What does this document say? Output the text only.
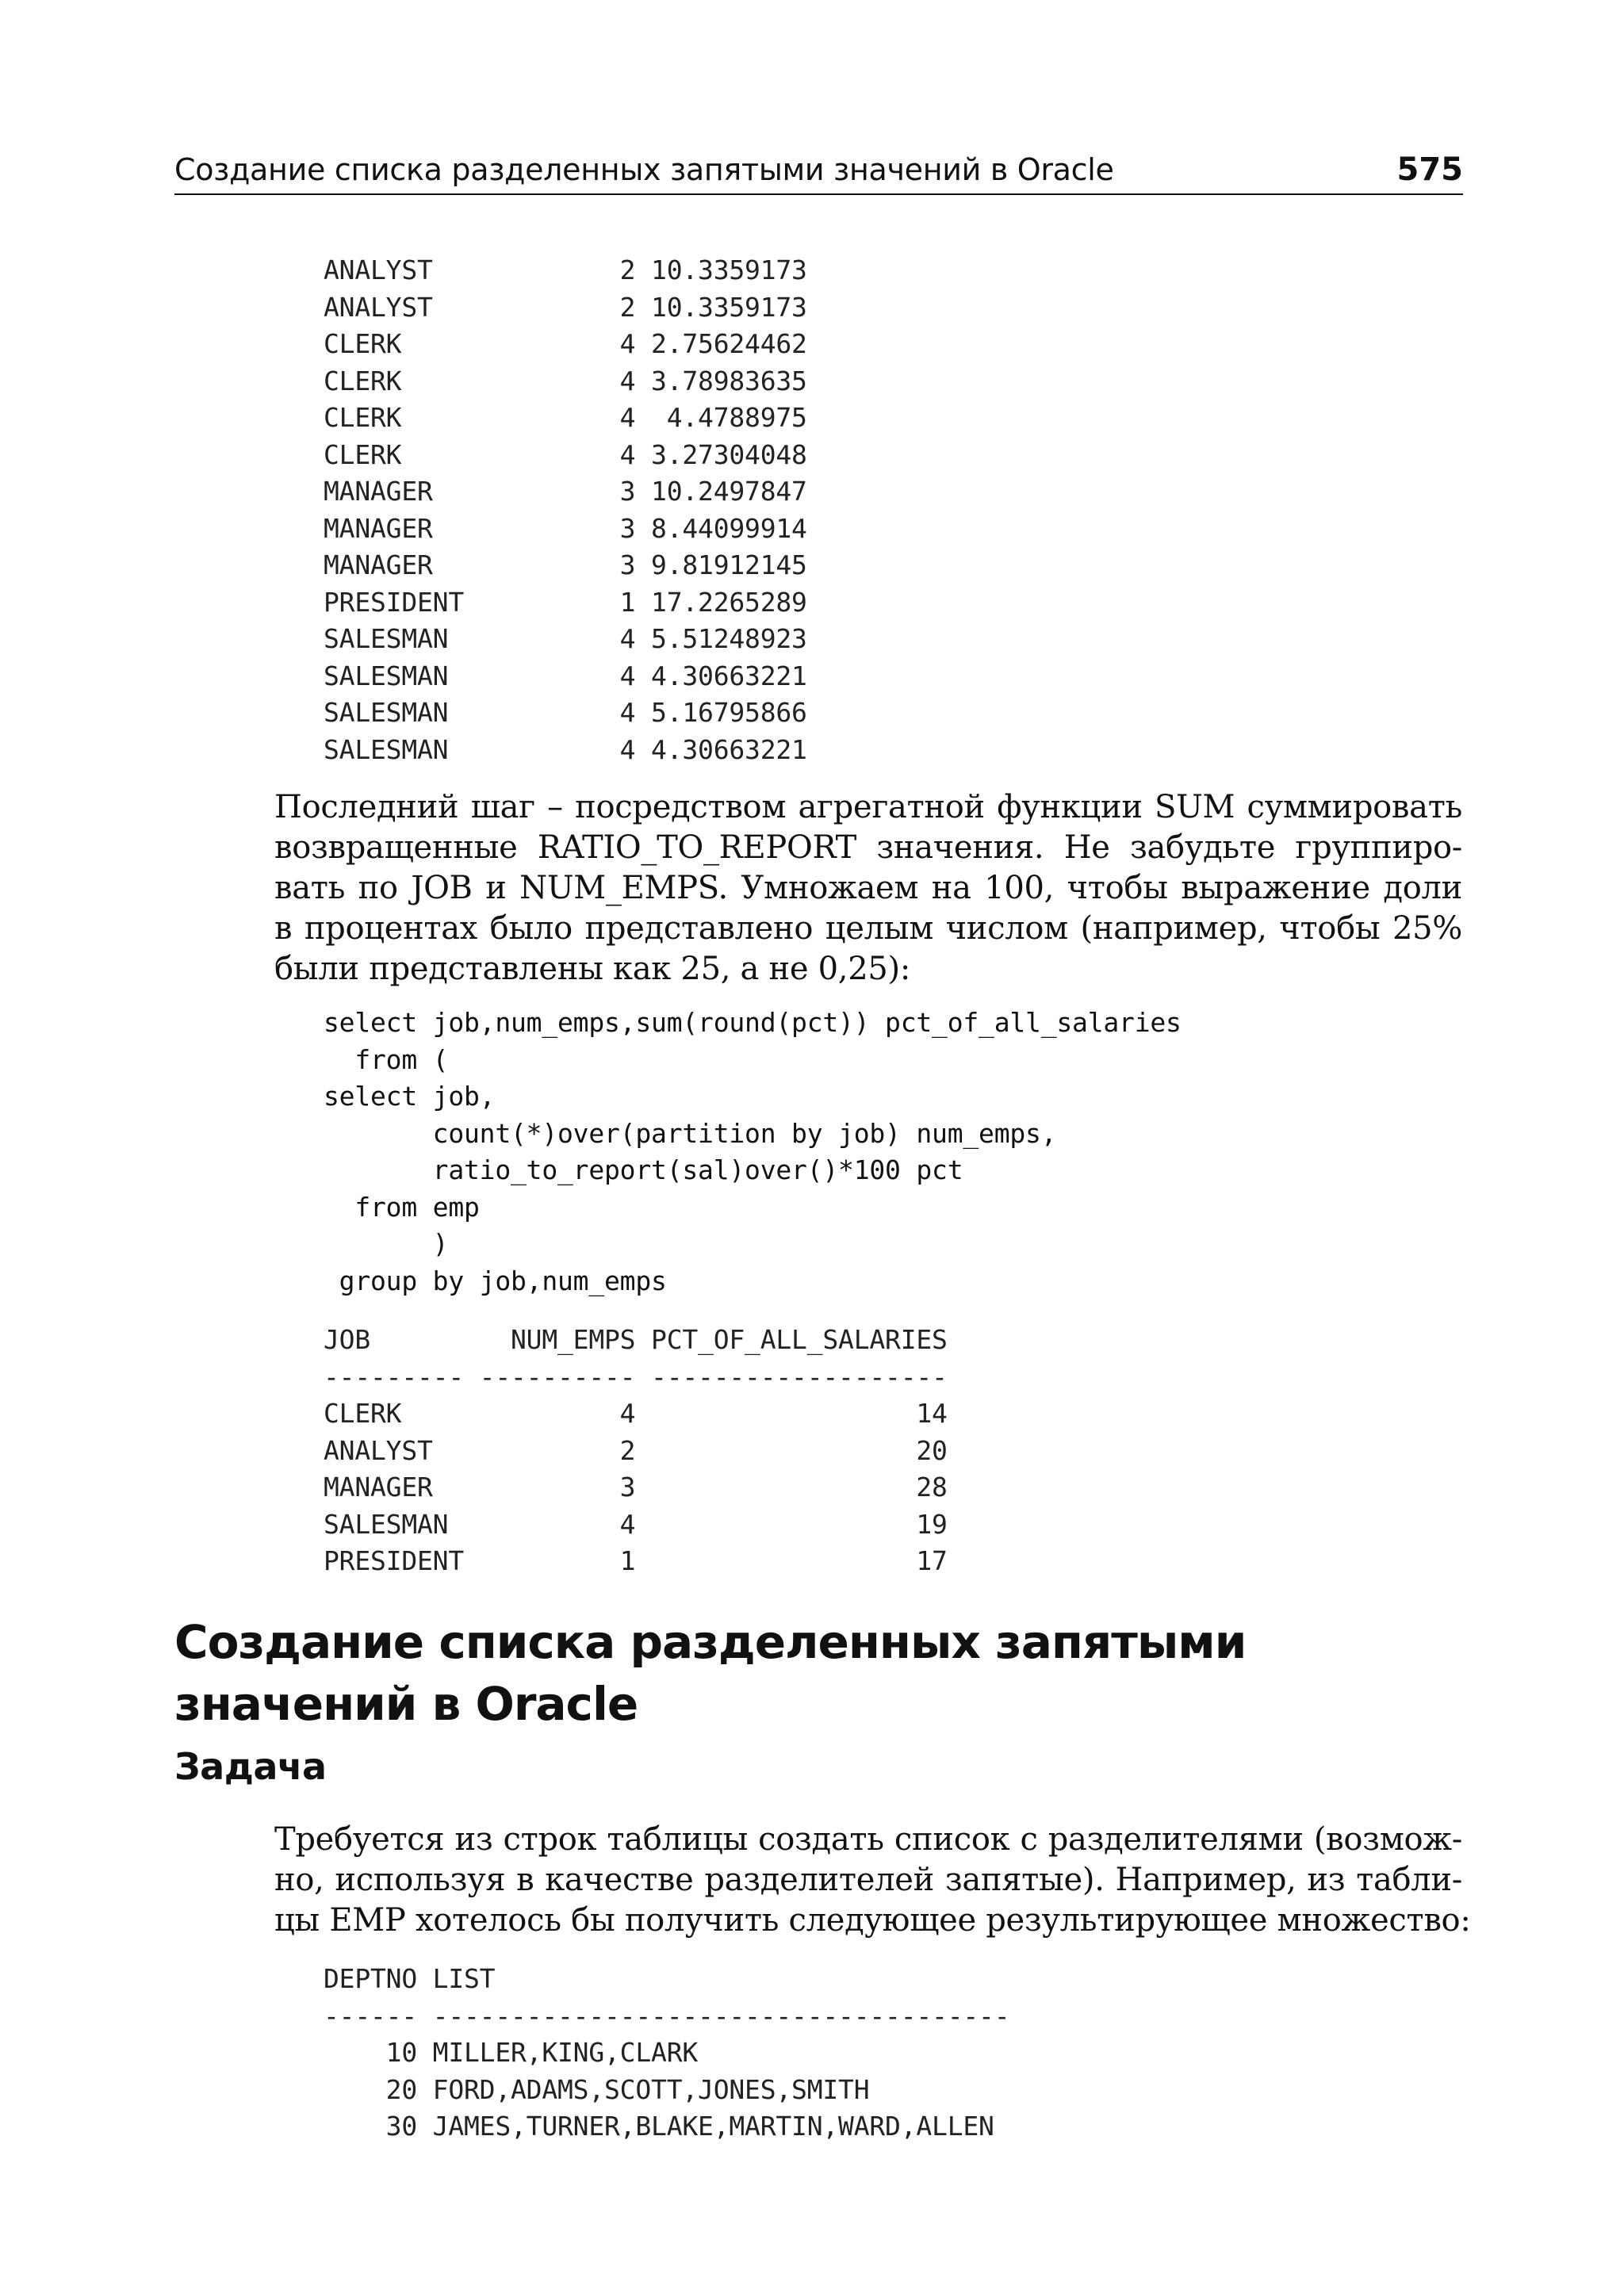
Создание списка разделенных запятыми значений в Oracle	575
ANALYST            2 10.3359173
ANALYST            2 10.3359173
CLERK              4 2.75624462
CLERK              4 3.78983635
CLERK              4  4.4788975
CLERK              4 3.27304048
MANAGER            3 10.2497847
MANAGER            3 8.44099914
MANAGER            3 9.81912145
PRESIDENT          1 17.2265289
SALESMAN           4 5.51248923
SALESMAN           4 4.30663221
SALESMAN           4 5.16795866
SALESMAN           4 4.30663221
Последний шаг – посредством агрегатной функции SUM суммировать
возвращенные RATIO_TO_REPORT значения. Не забудьте группиро-
вать по JOB и NUM_EMPS. Умножаем на 100, чтобы выражение доли
в процентах было представлено целым числом (например, чтобы 25%
были представлены как 25, а не 0,25):
select job,num_emps,sum(round(pct)) pct_of_all_salaries
from (
select job,
count(*)over(partition by job) num_emps,
ratio_to_report(sal)over()*100 pct
from emp
)
group by job,num_emps
JOB         NUM_EMPS PCT_OF_ALL_SALARIES
--------- ---------- -------------------
CLERK              4                  14
ANALYST            2                  20
MANAGER            3                  28
SALESMAN           4                  19
PRESIDENT          1                  17
Создание списка разделенных запятыми
значений в Oracle
Задача
Требуется из строк таблицы создать список с разделителями (возмож-
но, используя в качестве разделителей запятые). Например, из табли-
цы EMP хотелось бы получить следующее результирующее множество:
DEPTNO LIST
------ -------------------------------------
10 MILLER,KING,CLARK
20 FORD,ADAMS,SCOTT,JONES,SMITH
30 JAMES,TURNER,BLAKE,MARTIN,WARD,ALLEN
